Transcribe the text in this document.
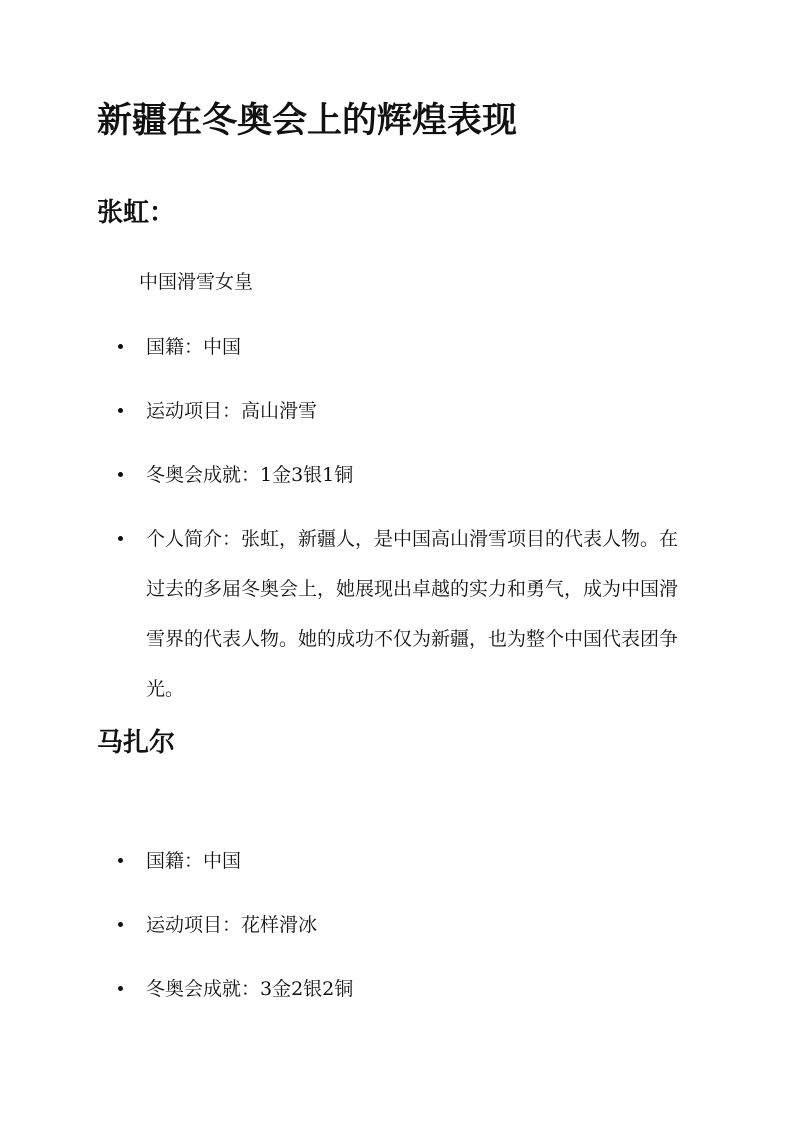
新疆在冬奥会上的辉煌表现
张虹：

中国滑雪女皇

国籍：中国
运动项目：高山滑雪
冬奥会成就：1金3银1铜
个人简介：张虹，新疆人，是中国高山滑雪项目的代表人物。在过去的多届冬奥会上，她展现出卓越的实力和勇气，成为中国滑雪界的代表人物。她的成功不仅为新疆，也为整个中国代表团争光。
马扎尔
国籍：中国
运动项目：花样滑冰
冬奥会成就：3金2银2铜
